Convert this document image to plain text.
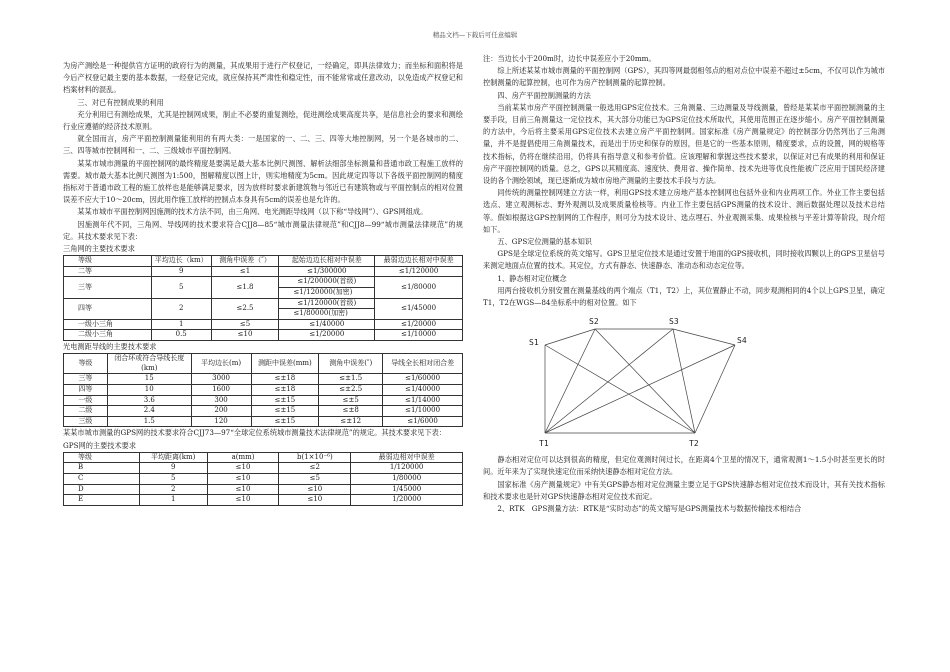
精品文档—下载后可任意编辑

为房产测绘是一种提供官方证明的政府行为的测量，其成果用于进行产权登记，一经确定，即具法律效力；而坐标和面积将是今后产权登记最主要的基本数据，一经登记完成，就应保持其严肃性和稳定性，而不能常常或任意改动，以免造成产权登记和档案材料的混乱。

三、对已有控制成果的利用

充分利用已有测绘成果，尤其是控制网成果，制止不必要的重复测绘，促进测绘成果高度共享，是信息社会的要求和测绘行业应遵循的经济技术原则。

就全国而言，房产平面控制测量能利用的有两大类：一是国家的一、二、三、四等大地控制网，另一个是各城市的二、三、四等城市控制网和一、二、三级城市平面控制网。

某某市城市测量的平面控制网的最终精度是要满足最大基本比例尺测图、解析法细部坐标测量和普通市政工程施工放样的需要。城市最大基本比例尺测图为1:500，图解精度以图上计，则实地精度为5cm。因此规定四等以下各级平面控制网的精度指标对于普通市政工程的施工放样也是能够满足要求，因为放样时要求新建筑物与邻近已有建筑物或与平面控制点的相对位置误差不应大于10～20cm，因此用作施工放样的控制点本身具有5cm的误差也是允许的。

某某市城市平面控制网因施测的技术方法不同，由三角网、电光测距导线网（以下称“导线网”）、GPS网组成。

因施测年代不同，三角网、导线网的技术要求符合CJJ8—85“城市测量法律规范”和CJJ8—99“城市测量法律规范”的规定。其技术要求见下表：

三角网的主要技术要求

等级	平均边长（km）	测角中误差（″）	起始边边长相对中误差	最弱边边长相对中误差
二等	9	≤1	≤1/300000	≤1/120000
三等	5	≤1.8	≤1/200000(首级)	≤1/80000
			≤1/120000(加密)	
四等	2	≤2.5	≤1/120000(首级)	≤1/45000
			≤1/80000(加密)	
一级小三角	1	≤5	≤1/40000	≤1/20000
二级小三角	0.5	≤10	≤1/20000	≤1/10000

光电测距导线的主要技术要求

等级	闭合环或符合导线长度(km)	平均边长(m)	测距中误差(mm)	测角中误差(″)	导线全长相对闭合差
三等	15	3000	≤±18	≤±1.5	≤1/60000
四等	10	1600	≤±18	≤±2.5	≤1/40000
一级	3.6	300	≤±15	≤±5	≤1/14000
二级	2.4	200	≤±15	≤±8	≤1/10000
三级	1.5	120	≤±15	≤±12	≤1/6000

某某市城市测量的GPS网的技术要求符合CJJ73—97“全球定位系统城市测量技术法律规范”的规定。其技术要求见下表：

GPS网的主要技术要求

等级	平均距离(km)	a(mm)	b(1×10⁻⁶)	最弱边相对中误差
B	9	≤10	≤2	1/120000
C	5	≤10	≤5	1/80000
D	2	≤10	≤10	1/45000
E	1	≤10	≤10	1/20000

注：当边长小于200m时，边长中误差应小于20mm。

综上所述某某市城市测量的平面控制网（GPS），其四等网最弱相邻点的相对点位中误差不超过±5cm，不仅可以作为城市控制测量的起算控制，也可作为房产控制测量的起算控制。

四、房产平面控制测量的方法

当前某某市房产平面控制测量一般选用GPS定位技术。三角测量、三边测量及导线测量，曾经是某某市平面控制测量的主要手段，目前三角测量这一定位技术，其大部分功能已为GPS定位技术所取代，其使用范围正在逐步缩小。房产平面控制测量的方法中，今后将主要采用GPS定位技术去建立房产平面控制网。国家标准《房产测量规定》的控制部分仍然列出了三角测量，并不是提倡使用三角测量技术，而是出于历史和保存的原因，但是它的一些基本原则，精度要求，点的设置，网的规格等技术指标，仍将在继续沿用，仍将具有指导意义和参考价值。应该理解和掌握这些技术要求，以保证对已有成果的利用和保证房产平面控制网的质量。总之，GPS以其精度高、速度快、费用省、操作简单、技术先进等优良性能被广泛应用于国民经济建设的各个测绘领域，现已逐渐成为城市房地产测量的主要技术手段与方法。

同传统的测量控制网建立方法一样，利用GPS技术建立房地产基本控制网也包括外业和内业两项工作。外业工作主要包括选点、建立观测标志、野外观测以及成果质量检核等。内业工作主要包括GPS测量的技术设计、测后数据处理以及技术总结等。假如根据这GPS控制网的工作程序，则可分为技术设计、选点埋石、外业观测采集、成果检核与平差计算等阶段，现介绍如下。

五、GPS定位测量的基本知识

GPS是全球定位系统的英文缩写。GPS卫星定位技术是通过安置于地面的GPS接收机，同时接收四颗以上的GPS卫星信号来测定地面点位置的技术。其定位，方式有静态、快速静态、准动态和动态定位等。

1、静态相对定位概念

用两台接收机分别安置在测量基线的两个端点（T1，T2）上，其位置静止不动，同步观测相同的4个以上GPS卫星，确定T1，T2在WGS—84坐标系中的相对位置。如下

S1
S2	S3
S4
T1	T2

静态相对定位可以达到很高的精度，但定位观测时间过长，在距离4个卫星的情况下，通常观测1～1.5小时甚至更长的时间。近年来为了实现快速定位而采纳快速静态相对定位方法。

国家标准《房产测量规定》中有关GPS静态相对定位测量主要立足于GPS快速静态相对定位技术而设计，其有关技术指标和技术要求也是针对GPS快速静态相对定位技术而定。

2、RTK　GPS测量方法：RTK是“实时动态”的英文缩写是GPS测量技术与数据传输技术相结合
